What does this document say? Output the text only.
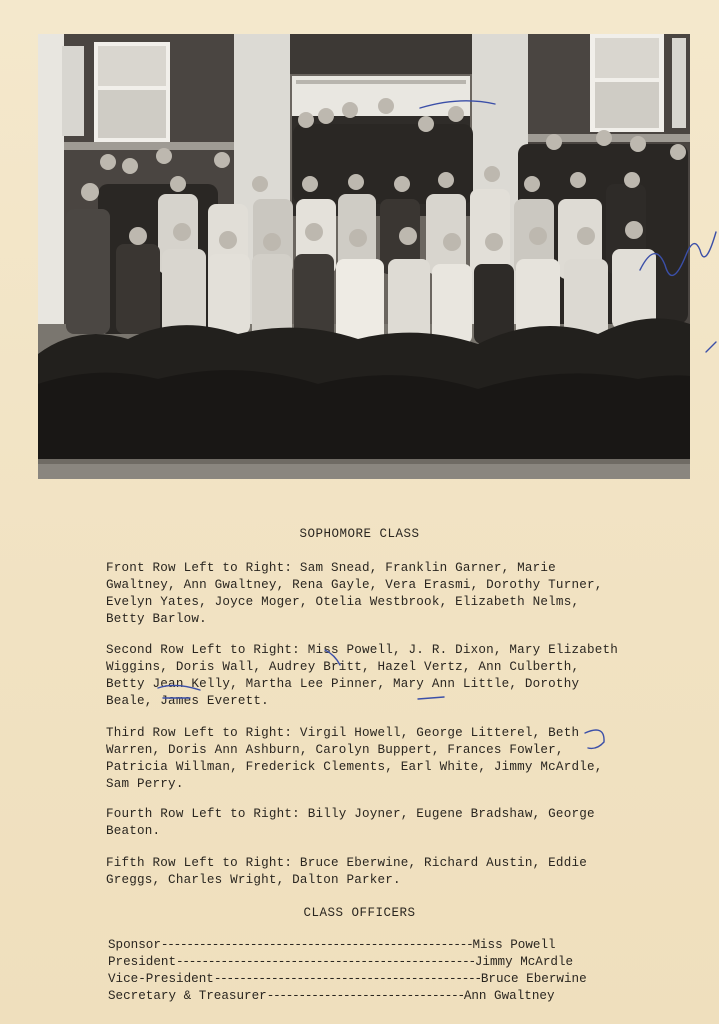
SOPHOMORE CLASS
Front Row Left to Right: Sam Snead, Franklin Garner, Marie
Gwaltney, Ann Gwaltney, Rena Gayle, Vera Erasmi, Dorothy Turner,
Evelyn Yates, Joyce Moger, Otelia Westbrook, Elizabeth Nelms,
Betty Barlow.
Second Row Left to Right: Miss Powell, J. R. Dixon, Mary Elizabeth
Wiggins, Doris Wall, Audrey Britt, Hazel Vertz, Ann Culberth,
Betty Jean Kelly, Martha Lee Pinner, Mary Ann Little, Dorothy
Beale, James Everett.
Third Row Left to Right: Virgil Howell, George Litterel, Beth
Warren, Doris Ann Ashburn, Carolyn Buppert, Frances Fowler,
Patricia Willman, Frederick Clements, Earl White, Jimmy McArdle,
Sam Perry.
Fourth Row Left to Right: Billy Joyner, Eugene Bradshaw, George
Beaton.
Fifth Row Left to Right: Bruce Eberwine, Richard Austin, Eddie
Greggs, Charles Wright, Dalton Parker.
CLASS OFFICERS
Sponsor-------------------------------------------------Miss Powell
President-----------------------------------------------Jimmy McArdle
Vice-President------------------------------------------Bruce Eberwine
Secretary & Treasurer-------------------------------Ann Gwaltney
